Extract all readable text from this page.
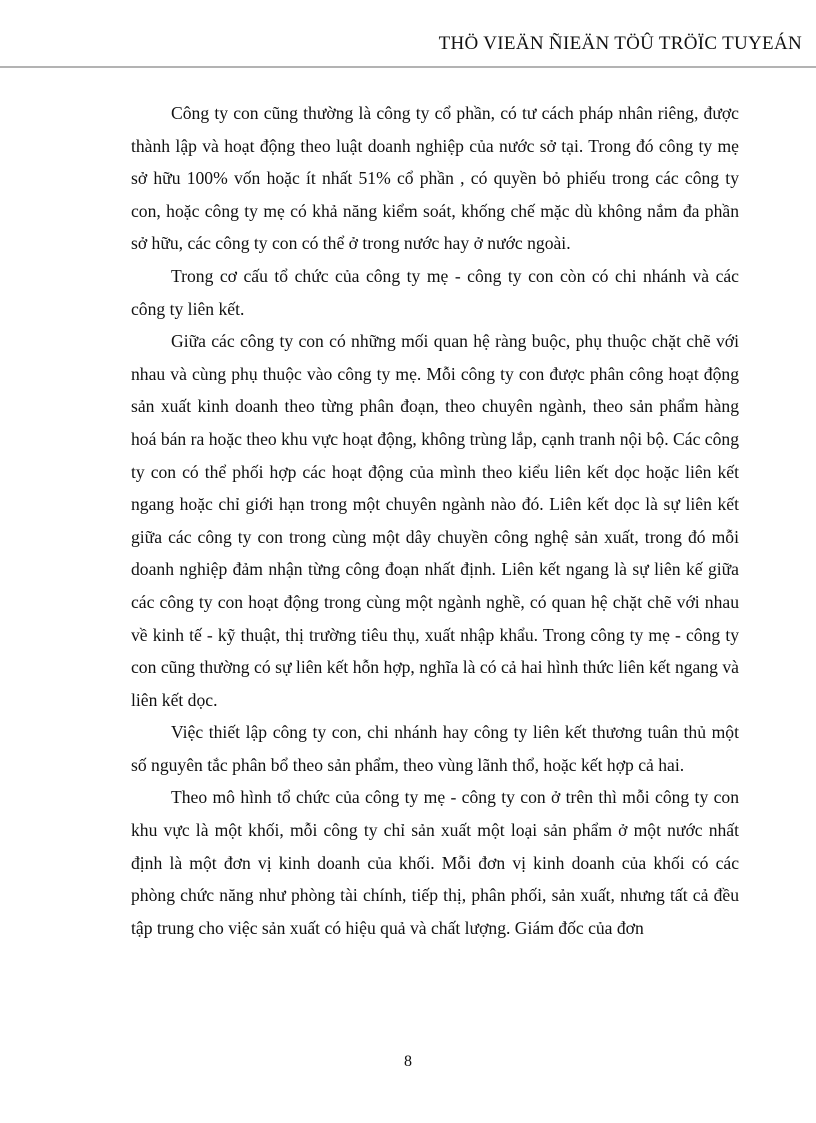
THÖ VIEÄN ÑIEÄN TÖÛ TRÖÏC TUYEÁN

Công ty con cũng thường là công ty cổ phần, có tư cách pháp nhân riêng, được thành lập và hoạt động theo luật doanh nghiệp của nước sở tại. Trong đó công ty mẹ sở hữu 100% vốn hoặc ít nhất 51% cổ phần , có quyền bỏ phiếu trong các công ty con, hoặc công ty mẹ có khả năng kiểm soát, khống chế mặc dù không nắm đa phần sở hữu, các công ty con có thể ở trong nước hay ở nước ngoài.

Trong cơ cấu tổ chức của công ty mẹ - công ty con còn có chi nhánh và các công ty liên kết.

Giữa các công ty con có những mối quan hệ ràng buộc, phụ thuộc chặt chẽ với nhau và cùng phụ thuộc vào công ty mẹ. Mỗi công ty con được phân công hoạt động sản xuất kinh doanh theo từng phân đoạn, theo chuyên ngành, theo sản phẩm hàng hoá bán ra hoặc theo khu vực hoạt động, không trùng lắp, cạnh tranh nội bộ. Các công ty con có thể phối hợp các hoạt động của mình theo kiểu liên kết dọc hoặc liên kết ngang hoặc chỉ giới hạn trong một chuyên ngành nào đó. Liên kết dọc là sự liên kết giữa các công ty con trong cùng một dây chuyền công nghệ sản xuất, trong đó mỗi doanh nghiệp đảm nhận từng công đoạn nhất định. Liên kết ngang là sự liên kế giữa các công ty con hoạt động trong cùng một ngành nghề, có quan hệ chặt chẽ với nhau về kinh tế - kỹ thuật, thị trường tiêu thụ, xuất nhập khẩu. Trong công ty mẹ - công ty con cũng thường có sự liên kết hỗn hợp, nghĩa là có cả hai hình thức liên kết ngang và liên kết dọc.

Việc thiết lập công ty con, chi nhánh hay công ty liên kết thương tuân thủ một số nguyên tắc phân bổ theo sản phẩm, theo vùng lãnh thổ, hoặc kết hợp cả hai.

Theo mô hình tổ chức của công ty mẹ - công ty con ở trên thì mỗi công ty con khu vực là một khối, mỗi công ty chỉ sản xuất một loại sản phẩm ở một nước nhất định là một đơn vị kinh doanh của khối. Mỗi đơn vị kinh doanh của khối có các phòng chức năng như phòng tài chính, tiếp thị, phân phối, sản xuất, nhưng tất cả đều tập trung cho việc sản xuất có hiệu quả và chất lượng. Giám đốc của đơn

8
